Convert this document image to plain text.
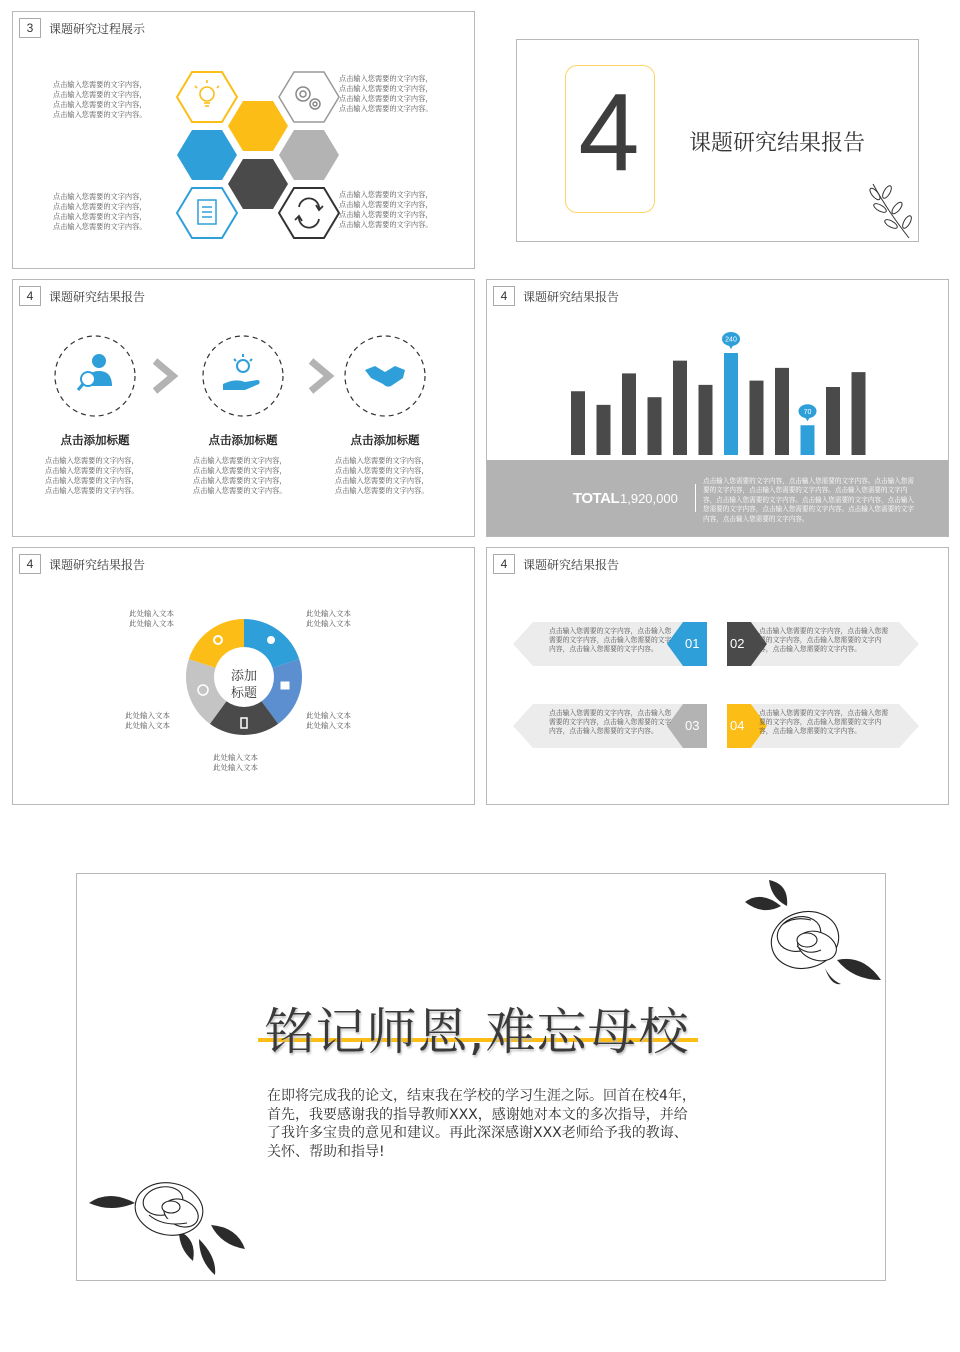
3	课题研究过程展示
点击输入您需要的文字内容，点击输入您需要的文字内容，点击输入您需要的文字内容，点击输入您需要的文字内容。
点击输入您需要的文字内容，点击输入您需要的文字内容，点击输入您需要的文字内容，点击输入您需要的文字内容。
点击输入您需要的文字内容，点击输入您需要的文字内容，点击输入您需要的文字内容，点击输入您需要的文字内容。
点击输入您需要的文字内容，点击输入您需要的文字内容，点击输入您需要的文字内容，点击输入您需要的文字内容。
4	课题研究结果报告
4	课题研究结果报告
点击添加标题	点击添加标题	点击添加标题
点击输入您需要的文字内容，点击输入您需要的文字内容，点击输入您需要的文字内容，点击输入您需要的文字内容。
点击输入您需要的文字内容，点击输入您需要的文字内容，点击输入您需要的文字内容，点击输入您需要的文字内容。
点击输入您需要的文字内容，点击输入您需要的文字内容，点击输入您需要的文字内容，点击输入您需要的文字内容。
4	课题研究结果报告
240
70
TOTAL 1,920,000
点击输入您需要的文字内容，点击输入您需要的文字内容。点击输入您需要的文字内容，点击输入您需要的文字内容。点击输入您需要的文字内容，点击输入您需要的文字内容。点击输入您需要的文字内容，点击输入您需要的文字内容，点击输入您需要的文字内容。点击输入您需要的文字内容，点击输入您需要的文字内容。
4	课题研究结果报告
添加
标题
此处输入文本
此处输入文本
此处输入文本
此处输入文本
此处输入文本
此处输入文本
此处输入文本
此处输入文本
此处输入文本
此处输入文本
4	课题研究结果报告
01 02
03 04
点击输入您需要的文字内容，点击输入您需要的文字内容，点击输入您需要的文字内容，点击输入您需要的文字内容。
点击输入您需要的文字内容，点击输入您需要的文字内容，点击输入您需要的文字内容，点击输入您需要的文字内容。
点击输入您需要的文字内容，点击输入您需要的文字内容，点击输入您需要的文字内容，点击输入您需要的文字内容。
点击输入您需要的文字内容，点击输入您需要的文字内容，点击输入您需要的文字内容，点击输入您需要的文字内容。
铭记师恩,难忘母校
在即将完成我的论文，结束我在学校的学习生涯之际。回首在校4年，首先，我要感谢我的指导教师XXX，感谢她对本文的多次指导，并给了我许多宝贵的意见和建议。再此深深感谢XXX老师给予我的教诲、关怀、帮助和指导!
